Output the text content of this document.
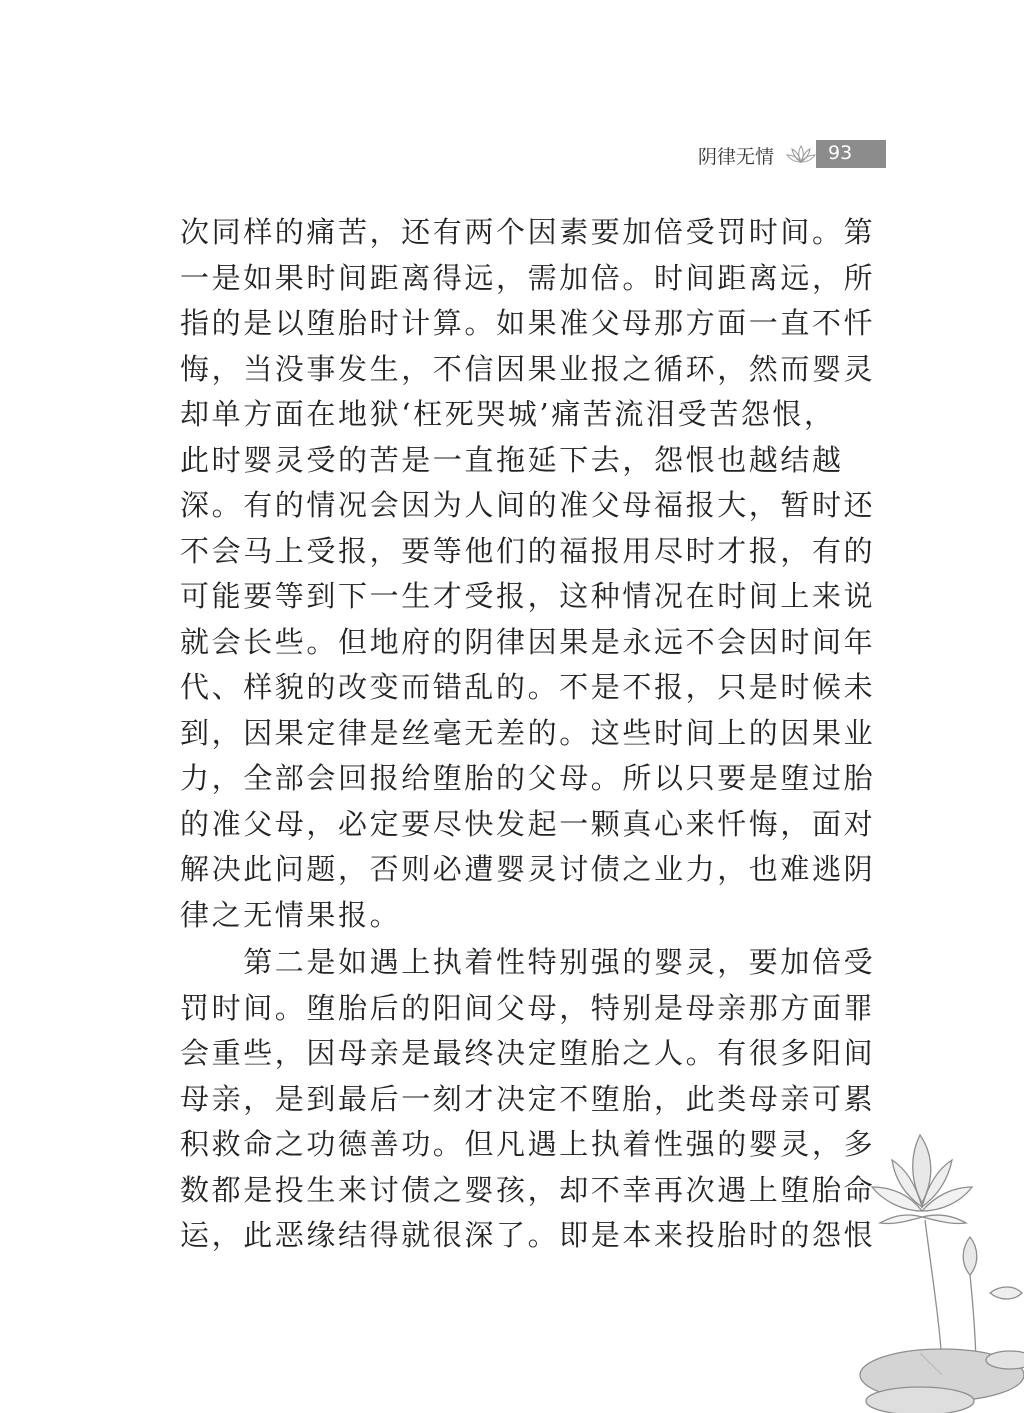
阴律无情	93
次同样的痛苦，还有两个因素要加倍受罚时间。第
一是如果时间距离得远，需加倍。时间距离远，所
指的是以堕胎时计算。如果准父母那方面一直不忏
悔，当没事发生，不信因果业报之循环，然而婴灵
却单方面在地狱‘枉死哭城’痛苦流泪受苦怨恨，
此时婴灵受的苦是一直拖延下去，怨恨也越结越
深。有的情况会因为人间的准父母福报大，暂时还
不会马上受报，要等他们的福报用尽时才报，有的
可能要等到下一生才受报，这种情况在时间上来说
就会长些。但地府的阴律因果是永远不会因时间年
代、样貌的改变而错乱的。不是不报，只是时候未
到，因果定律是丝毫无差的。这些时间上的因果业
力，全部会回报给堕胎的父母。所以只要是堕过胎
的准父母，必定要尽快发起一颗真心来忏悔，面对
解决此问题，否则必遭婴灵讨债之业力，也难逃阴
律之无情果报。
　　第二是如遇上执着性特别强的婴灵，要加倍受
罚时间。堕胎后的阳间父母，特别是母亲那方面罪
会重些，因母亲是最终决定堕胎之人。有很多阳间
母亲，是到最后一刻才决定不堕胎，此类母亲可累
积救命之功德善功。但凡遇上执着性强的婴灵，多
数都是投生来讨债之婴孩，却不幸再次遇上堕胎命
运，此恶缘结得就很深了。即是本来投胎时的怨恨
